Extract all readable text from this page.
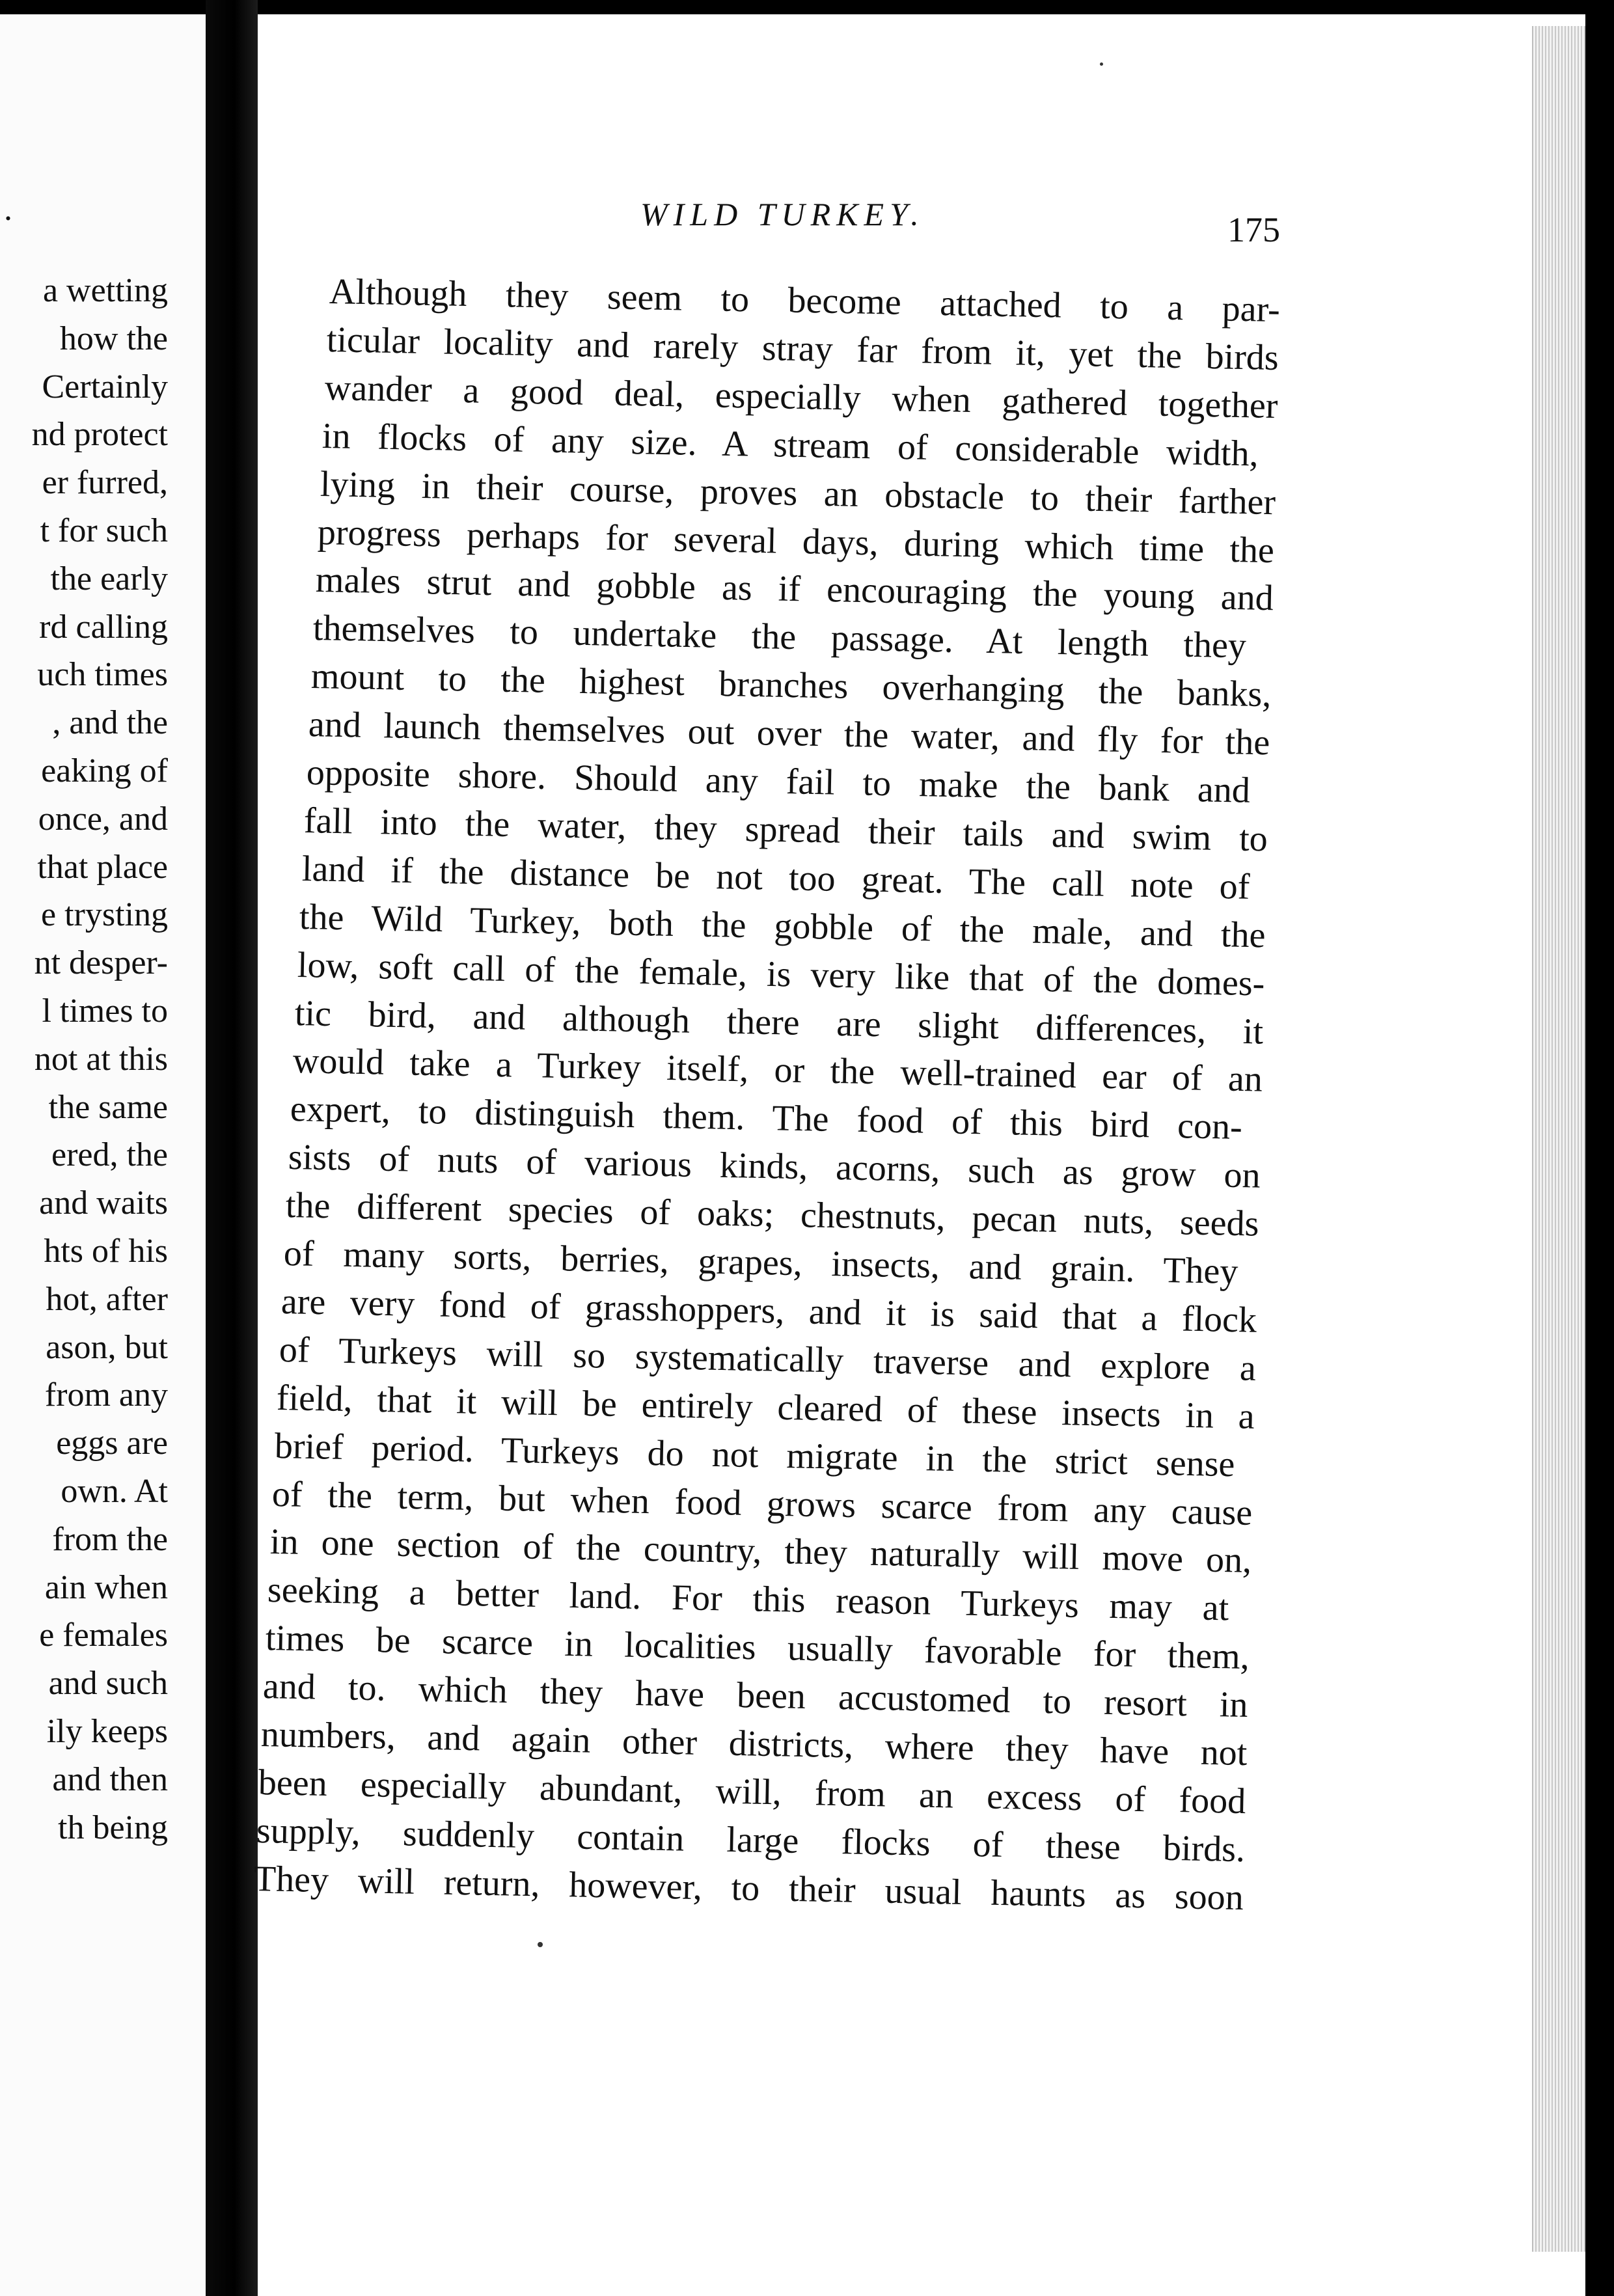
.
a wetting
how the
Certainly
nd protect
er furred,
t for such
the early
rd calling
uch times
, and the
eaking of
once, and
that place
e trysting
nt desper-
l times to
not at this
the same
ered, the
and waits
hts of his
hot, after
ason, but
from any
eggs are
own. At
from the
ain when
e females
and such
ily keeps
and then
th being
WILD TURKEY.	175
Although they seem to become attached to a par-
ticular locality and rarely stray far from it, yet the birds
wander a good deal, especially when gathered together
in flocks of any size. A stream of considerable width,
lying in their course, proves an obstacle to their farther
progress perhaps for several days, during which time the
males strut and gobble as if encouraging the young and
themselves to undertake the passage. At length they
mount to the highest branches overhanging the banks,
and launch themselves out over the water, and fly for the
opposite shore. Should any fail to make the bank and
fall into the water, they spread their tails and swim to
land if the distance be not too great. The call note of
the Wild Turkey, both the gobble of the male, and the
low, soft call of the female, is very like that of the domes-
tic bird, and although there are slight differences, it
would take a Turkey itself, or the well-trained ear of an
expert, to distinguish them. The food of this bird con-
sists of nuts of various kinds, acorns, such as grow on
the different species of oaks; chestnuts, pecan nuts, seeds
of many sorts, berries, grapes, insects, and grain. They
are very fond of grasshoppers, and it is said that a flock
of Turkeys will so systematically traverse and explore a
field, that it will be entirely cleared of these insects in a
brief period. Turkeys do not migrate in the strict sense
of the term, but when food grows scarce from any cause
in one section of the country, they naturally will move on,
seeking a better land. For this reason Turkeys may at
times be scarce in localities usually favorable for them,
and to. which they have been accustomed to resort in
numbers, and again other districts, where they have not
been especially abundant, will, from an excess of food
supply, suddenly contain large flocks of these birds.
They will return, however, to their usual haunts as soon
